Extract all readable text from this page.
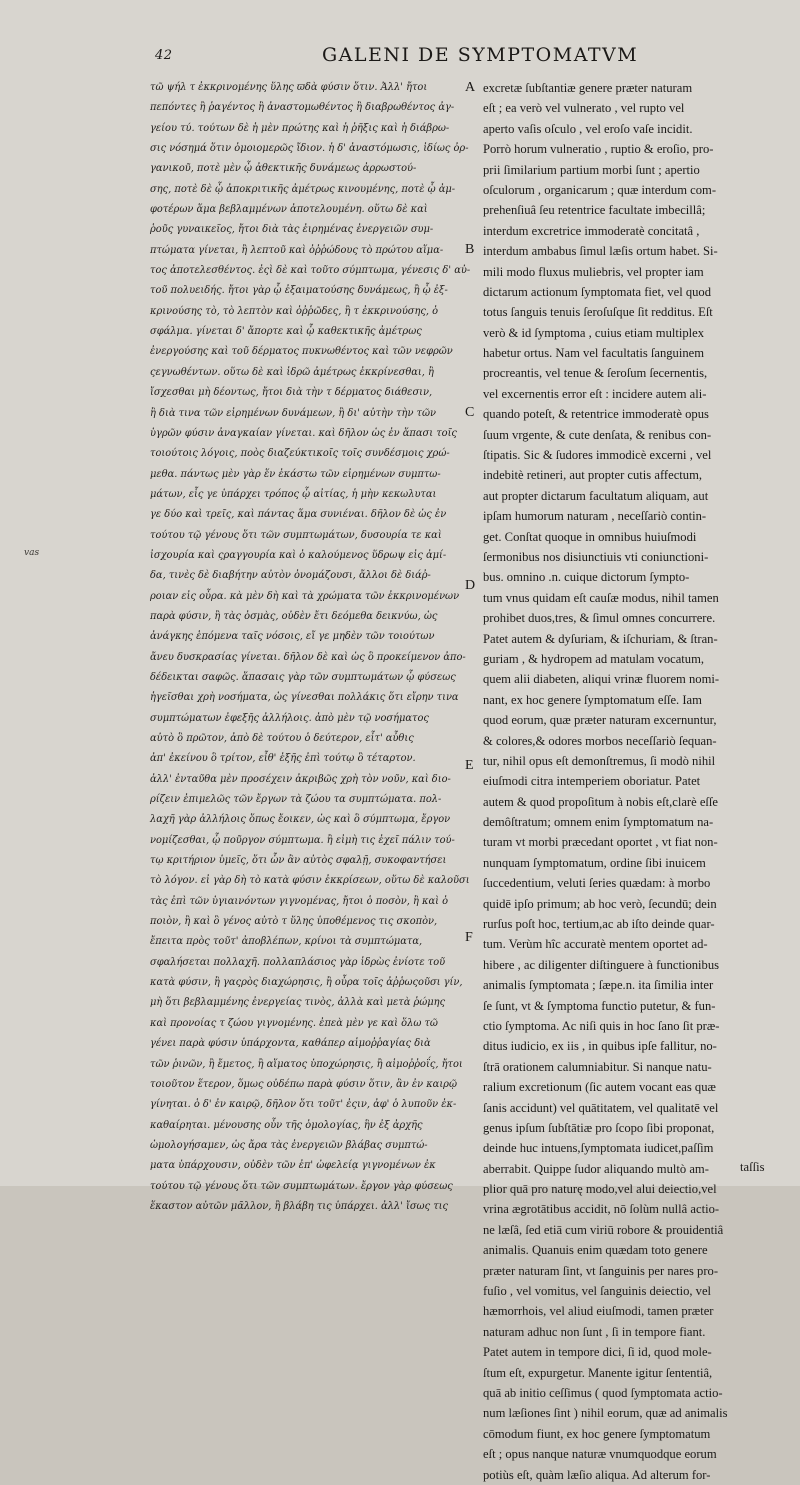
42	GALENI DE SYMPTOMATVM
τῶ ψήλ τ ἐκκρινομένης ὕλης ϖδὰ φύσιν ὅτιν. Ἀλλ' ἤτοι
πεπόντες ἢ ῥαγέντος ἢ ἀναστομωθέντος ἢ διαβρωθέντος ἀγ-
γείου τύ. τούτων δὲ ἡ μὲν πρώτης καὶ ἡ ῥῆξις καὶ ἡ διάβρω-
σις νόσημά ὅτιν ὁμοιομερῶς ἴδιον. ἡ δ' ἀναστόμωσις, ἰδίως ὀρ-
γανικοῦ, ποτὲ μὲν ᾧ ἀθεκτικῆς δυνάμεως ἀρρωστού-
σης, ποτὲ δὲ ᾧ ἀποκριτικῆς ἀμέτρως κινουμένης, ποτὲ ᾧ ἀμ-
φοτέρων ἅμα βεβλαμμένων ἀποτελουμένη. οὕτω δὲ καὶ
ῥοῦς γυναικεῖος, ἤτοι διὰ τὰς ἐιρημένας ἐνεργειῶν συμ-
πτώματα γίνεται, ἢ λεπτοῦ καὶ ὀῤῥώδους τὸ πρώτου αἵμα-
τος ἀποτελεσθέντος. ἐςὶ δὲ καὶ τοῦτο σύμπτωμα, γένεσις δ' αὐ-
τοῦ πολυειδής. ἤτοι γὰρ ᾧ ἐξαιματούσης δυνάμεως, ἢ ᾧ ἐξ-
κρινούσης τὸ, τὸ λεπτὸν καὶ ὀῤῥῶδες, ἢ τ ἐκκρινούσης, ὁ
σφάλμα. γίνεται δ' ἄπορτε καὶ ᾧ καθεκτικῆς ἀμέτρως
ἐνεργούσης καὶ τοῦ δέρματος πυκνωθέντος καὶ τῶν νεφρῶν
ςεγνωθέντων. οὕτω δὲ καὶ ἱδρῶ ἀμέτρως ἐκκρίνεσθαι, ἢ
ἴσχεσθαι μὴ δέοντως, ἤτοι διὰ τὴν τ δέρματος διάθεσιν,
ἢ διὰ τινα τῶν εἰρημένων δυνάμεων, ἢ δι' αὐτὴν τὴν τῶν
ὑγρῶν φύσιν ἀναγκαίαν γίνεται. καὶ δῆλον ὡς ἐν ἅπασι τοῖς
τοιούτοις λόγοις, ποὸς διαζεύκτικοῖς τοῖς συνδέσμοις χρώ-
μεθα. πάντως μὲν γὰρ ἕν ἐκάστω τῶν εἰρημένων συμπτω-
μάτων, εἷς γε ὑπάρχει τρόπος ᾧ αἰτίας, ἡ μὴν κεκωλυται
γε δύο καὶ τρεῖς, καὶ πάντας ἅμα συνιέναι. δῆλον δὲ ὡς ἐν
τούτου τῷ γένους ὅτι τῶν συμπτωμάτων, δυσουρία τε καὶ
ἰσχουρία καὶ ςραγγουρία καὶ ὁ καλούμενος ὕδρωψ εἰς ἀμί-
δα, τινὲς δὲ διαβήτην αὐτὸν ὀνομάζουσι, ἄλλοι δὲ διάῤ-
ροιαν εἰς οὖρα. κὰ μὲν δὴ καὶ τὰ χρώματα τῶν ἐκκρινομένων
παρὰ φύσιν, ἢ τὰς ὀσμὰς, οὐδὲν ἔτι δεόμεθα δεικνύω, ὡς
ἀνάγκης ἑπόμενα ταῖς νόσοις, εἴ γε μηδὲν τῶν τοιούτων
ἄνευ δυσκρασίας γίνεται. δῆλον δὲ καὶ ὡς ὃ προκείμενον ἀπο-
δέδεικται σαφῶς. ἅπασαις γὰρ τῶν συμπτωμάτων ᾧ φύσεως
ἡγεῖσθαι χρὴ νοσήματα, ὡς γίνεσθαι πολλάκις ὅτι εἴρην τινα
συμπτώματων ἐφεξῆς ἀλλήλοις. ἀπὸ μὲν τῷ νοσήματος
αὐτὸ ὃ πρῶτον, ἀπὸ δὲ τούτου ὁ δεύτερον, εἶτ' αὖθις
ἀπ' ἐκείνου ὃ τρίτον, εἶθ' ἑξῆς ἐπὶ τούτῳ ὃ τέταρτον.
ἀλλ' ἐνταῦθα μὲν προσέχειν ἀκριβῶς χρὴ τὸν νοῦν, καὶ διο-
ρίζειν ἐπιμελῶς τῶν ἔργων τὰ ζώου τα συμπτώματα. πολ-
λαχῆ γὰρ ἀλλήλοις ὅπως ἔοικεν, ὡς καὶ ὃ σύμπτωμα, ἔργον
νομίζεσθαι, ᾧ ποῦργον σύμπτωμα. ἢ εἰμὴ τις ἐχεῖ πάλιν τού-
τῳ κριτήριον ὑμεῖς, ὅτι ὧν ἂν αὐτὸς σφαλῇ, συκοφαντήσει
τὸ λόγον. εἰ γὰρ δὴ τὸ κατὰ φύσιν ἐκκρίσεων, οὕτω δὲ καλοῦσι
τὰς ἐπὶ τῶν ὑγιαινόντων γιγνομένας, ἤτοι ὁ ποσὸν, ἢ καὶ ὁ
ποιὸν, ἢ καὶ ὃ γένος αὐτὸ τ ὕλης ὑποθέμενος τις σκοπὸν,
ἔπειτα πρὸς τοῦτ' ἀποβλέπων, κρίνοι τὰ συμπτώματα,
σφαλήσεται πολλαχῆ. πολλαπλάσιος γὰρ ἱδρὼς ἐνίοτε τοῦ
κατὰ φύσιν, ἢ γαςρὸς διαχώρησις, ἢ οὖρα τοῖς ἀῤῥωςοῦσι γίν,
μὴ ὅτι βεβλαμμένης ἐνεργείας τινὸς, ἀλλὰ καὶ μετὰ ῥώμης
καὶ προνοίας τ ζώου γιγνομένης. ἐπεὰ μὲν γε καὶ ὅλω τῶ
γένει παρὰ φύσιν ὑπάρχοντα, καθάπερ αἱμοῤῥαγίας διὰ
τῶν ῥινῶν, ἢ ἔμετος, ἢ αἵματος ὑποχώρησις, ἢ αἱμοῤῥοΐς, ἤτοι
τοιοῦτον ἕτερον, ὅμως οὐδέπω παρὰ φύσιν ὅτιν, ἂν ἐν καιρῷ
γίνηται. ὁ δ' ἐν καιρῷ, δῆλον ὅτι τοῦτ' ἐςιν, ἀφ' ὁ λυποῦν ἐκ-
καθαίρηται. μένουσης οὖν τῆς ὁμολογίας, ἣν ἐξ ἀρχῆς
ὡμολογήσαμεν, ὡς ἄρα τὰς ἐνεργειῶν βλάβας συμπτώ-
ματα ὑπάρχουσιν, οὐδὲν τῶν ἐπ' ὠφελείᾳ γιγνομένων ἐκ
τούτου τῷ γένους ὅτι τῶν συμπτωμάτων. ἔργον γὰρ φύσεως
ἕκαστον αὐτῶν μᾶλλον, ἢ βλάβη τις ὑπάρχει. ἀλλ' ἴσως τις
excretæ ſubſtantiæ genere præter naturam
eſt ; ea verò vel vulnerato , vel rupto vel
aperto vaſis oſculo , vel eroſo vaſe incidit.
Porrò horum vulneratio , ruptio & eroſio, pro-
prii ſimilarium partium morbi ſunt ; apertio
oſculorum , organicarum ; quæ interdum com-
prehenſiuâ ſeu retentrice facultate imbecillâ;
interdum excretrice immoderatè concitatâ ,
interdum ambabus ſimul læſis ortum habet. Si-
mili modo fluxus muliebris, vel propter iam
dictarum actionum ſymptomata fiet, vel quod
totus ſanguis tenuis ſeroſuſque ſit redditus. Eſt
verò & id ſymptoma , cuius etiam multiplex
habetur ortus. Nam vel facultatis ſanguinem
procreantis, vel tenue & ſeroſum ſecernentis,
vel excernentis error eſt : incidere autem ali-
quando poteſt, & retentrice immoderatè opus
ſuum vrgente, & cute denſata, & renibus con-
ſtipatis. Sic & ſudores immodicè excerni , vel
indebitè retineri, aut propter cutis affectum,
aut propter dictarum facultatum aliquam, aut
ipſam humorum naturam , neceſſariò contin-
get. Conſtat quoque in omnibus huiuſmodi
ſermonibus nos disiunctiuis vti coniunctioni-
bus. omnino .n. cuique dictorum ſympto-
tum vnus quidam eſt cauſæ modus, nihil tamen
prohibet duos,tres, & ſimul omnes concurrere.
Patet autem & dyſuriam, & iſchuriam, & ſtran-
guriam , & hydropem ad matulam vocatum,
quem alii diabeten, aliqui vrinæ fluorem nomi-
nant, ex hoc genere ſymptomatum eſſe. Iam
quod eorum, quæ præter naturam excernuntur,
& colores,& odores morbos neceſſariò ſequan-
tur, nihil opus eſt demonſtremus, ſi modò nihil
eiuſmodi citra intemperiem oboriatur. Patet
autem & quod propoſitum à nobis eſt,clarè eſſe
demôſtratum; omnem enim ſymptomatum na-
turam vt morbi præcedant oportet , vt fiat non-
nunquam ſymptomatum, ordine ſibi inuicem
ſuccedentium, veluti ſeries quædam: à morbo
quidē ipſo primum; ab hoc verò, ſecundū; dein
rurſus poſt hoc, tertium,ac ab iſto deinde quar-
tum. Verùm hîc accuratè mentem oportet ad-
hibere , ac diligenter diſtinguere à functionibus
animalis ſymptomata ; ſæpe.n. ita ſimilia inter
ſe ſunt, vt & ſymptoma functio putetur, & fun-
ctio ſymptoma. Ac niſi quis in hoc ſano ſit præ-
ditus iudicio, ex iis , in quibus ipſe fallitur, no-
ſtrā orationem calumniabitur. Si nanque natu-
ralium excretionum (ſic autem vocant eas quæ
ſanis accidunt) vel quātitatem, vel qualitatē vel
genus ipſum ſubſtātiæ pro ſcopo ſibi proponat,
deinde huc intuens,ſymptomata iudicet,paſſim
aberrabit. Quippe ſudor aliquando multò am-
plior quā pro naturę modo,vel alui deiectio,vel
vrina ægrotātibus accidit, nō ſolùm nullâ actio-
ne læſâ, ſed etiā cum viriū robore & prouidentiâ
animalis. Quanuis enim quædam toto genere
præter naturam ſint, vt ſanguinis per nares pro-
fuſio , vel vomitus, vel ſanguinis deiectio, vel
hæmorrhois, vel aliud eiuſmodi, tamen præter
naturam adhuc non ſunt , ſi in tempore fiant.
Patet autem in tempore dici, ſi id, quod mole-
ſtum eſt, expurgetur. Manente igitur ſententiâ,
quā ab initio ceſſimus ( quod ſymptomata actio-
num læſiones ſint ) nihil eorum, quæ ad animalis
cōmodum fiunt, ex hoc genere ſymptomatum
eſt ; opus nanque naturæ vnumquodque eorum
potiùs eſt, quàm læſio aliqua. Ad alterum for-
A
B
C
D
E
F
vas
taſſis
